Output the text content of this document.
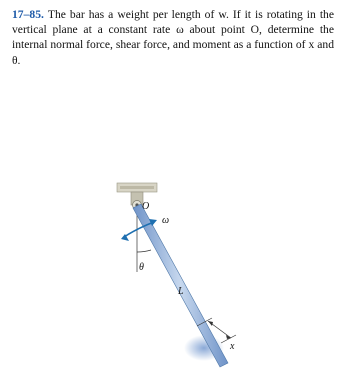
17–85. The bar has a weight per length of w. If it is rotating in the vertical plane at a constant rate ω about point O, determine the internal normal force, shear force, and moment as a function of x and θ.

O
ω
θ
L
x
